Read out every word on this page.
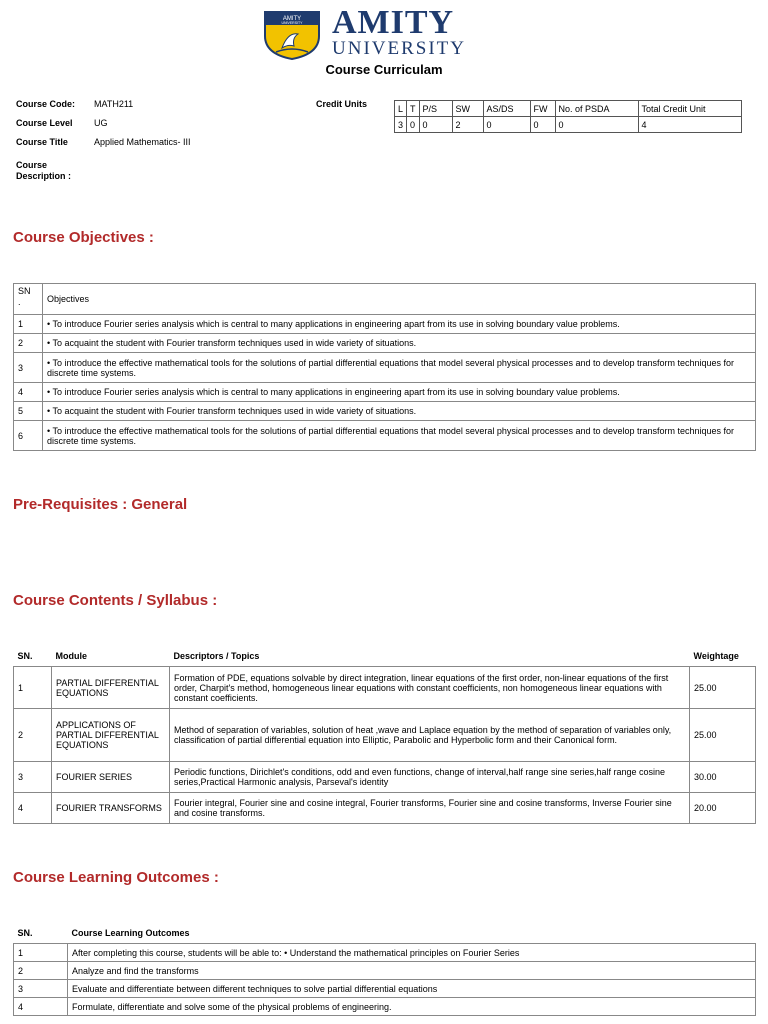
AMITY
UNIVERSITY AMITY
UNIVERSITY
Course Curriculam
Course Code: MATH211
Course Level UG
Course Title	Applied Mathematics- III
Course
Description :
Credit Units	L	T	P/S	SW	AS/DS	FW	No. of PSDA	Total Credit Unit
3	0	0	2	0	0	0	4
Course Objectives :
SN
.	Objectives
1	• To introduce Fourier series analysis which is central to many applications in engineering apart from its use in solving boundary value problems.
2	• To acquaint the student with Fourier transform techniques used in wide variety of situations.
3	• To introduce the effective mathematical tools for the solutions of partial differential equations that model several physical processes and to develop transform techniques for discrete time systems.
4	• To introduce Fourier series analysis which is central to many applications in engineering apart from its use in solving boundary value problems.
5	• To acquaint the student with Fourier transform techniques used in wide variety of situations.
6	• To introduce the effective mathematical tools for the solutions of partial differential equations that model several physical processes and to develop transform techniques for discrete time systems.
Pre-Requisites : General
Course Contents / Syllabus :
SN.	Module	Descriptors / Topics	Weightage
1	PARTIAL DIFFERENTIAL EQUATIONS	Formation of PDE, equations solvable by direct integration, linear equations of the first order, non-linear equations of the first order, Charpit's method, homogeneous linear equations with constant coefficients, non homogeneous linear equations with constant coefficients.	25.00
2	APPLICATIONS OF PARTIAL DIFFERENTIAL EQUATIONS	Method of separation of variables, solution of heat ,wave and Laplace equation by the method of separation of variables only, classification of partial differential equation into Elliptic, Parabolic and Hyperbolic form and their Canonical form.	25.00
3	FOURIER SERIES	Periodic functions, Dirichlet's conditions, odd and even functions, change of interval,half range sine series,half range cosine series,Practical Harmonic analysis, Parseval's identity	30.00
4	FOURIER TRANSFORMS	Fourier integral, Fourier sine and cosine integral, Fourier transforms, Fourier sine and cosine transforms, Inverse Fourier sine and cosine transforms.	20.00
Course Learning Outcomes :
SN.	Course Learning Outcomes
1	After completing this course, students will be able to: • Understand the mathematical principles on Fourier Series
2	Analyze and find the transforms
3	Evaluate and differentiate between different techniques to solve partial differential equations
4	Formulate, differentiate and solve some of the physical problems of engineering.
